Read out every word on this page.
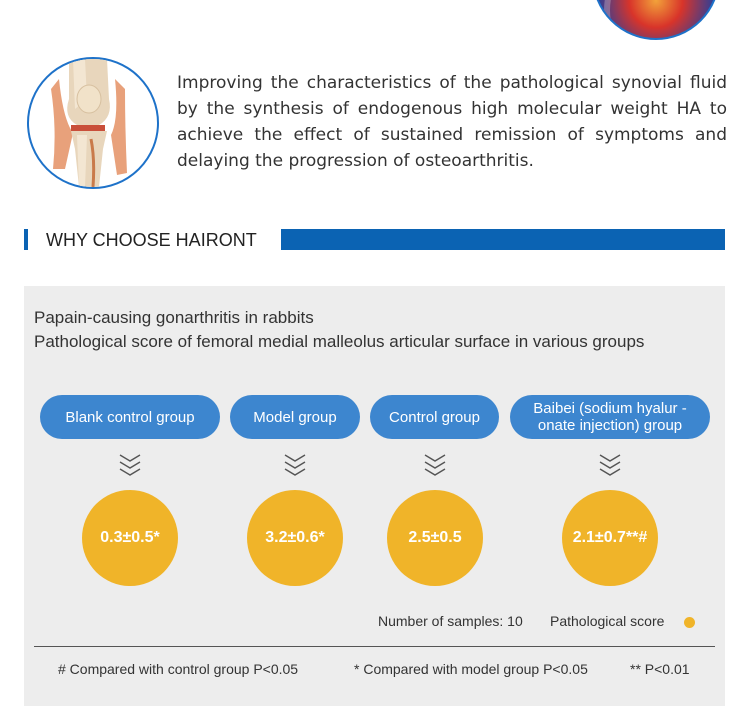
Improving the characteristics of the pathological synovial fluid by the synthesis of endogenous high molecular weight HA to achieve the effect of sustained remission of symptoms and delaying the progression of osteoarthritis.
WHY CHOOSE HAIRONT
Papain-causing gonarthritis in rabbits
Pathological score of femoral medial malleolus articular surface in various groups
Blank control group	Model group	Control group	Baibei (sodium hyalur -onate injection) group
0.3±0.5*	3.2±0.6*	2.5±0.5	2.1±0.7**#
Number of samples: 10 Pathological score
# Compared with control group P<0.05	* Compared with model group P<0.05	** P<0.01
